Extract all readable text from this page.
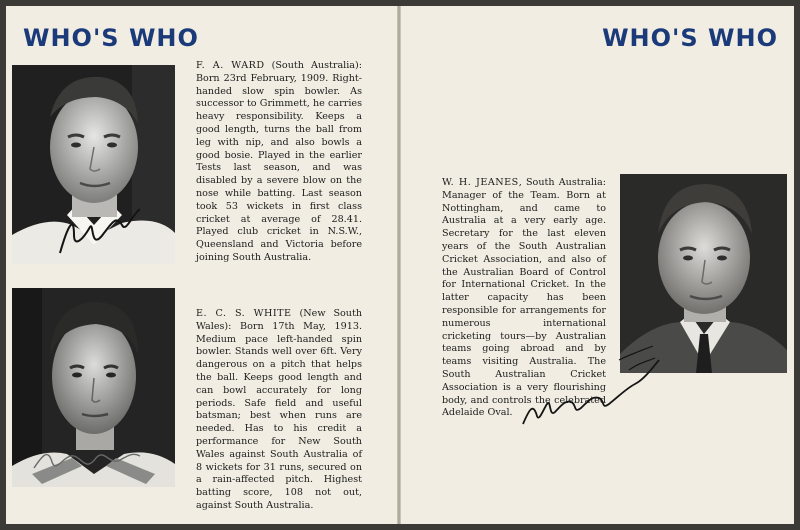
WHO'S WHO

F. A. WARD (South Australia): Born 23rd February, 1909. Right-handed slow spin bowler. As successor to Grimmett, he carries heavy responsibility. Keeps a good length, turns the ball from leg with nip, and also bowls a good bosie. Played in the earlier Tests last season, and was disabled by a severe blow on the nose while batting. Last season took 53 wickets in first class cricket at average of 28.41. Played club cricket in N.S.W., Queensland and Victoria before joining South Australia.

E. C. S. WHITE (New South Wales): Born 17th May, 1913. Medium pace left-handed spin bowler. Stands well over 6ft. Very dangerous on a pitch that helps the ball. Keeps good length and can bowl accurately for long periods. Safe field and useful batsman; best when runs are needed. Has to his credit a performance for New South Wales against South Australia of 8 wickets for 31 runs, secured on a rain-affected pitch. Highest batting score, 108 not out, against South Australia.

WHO'S WHO

W. H. JEANES, South Australia: Manager of the Team. Born at Nottingham, and came to Australia at a very early age. Secretary for the last eleven years of the South Australian Cricket Association, and also of the Australian Board of Control for International Cricket. In the latter capacity has been responsible for arrangements for numerous international cricketing tours—by Australian teams going abroad and by teams visiting Australia. The South Australian Cricket Association is a very flourishing body, and controls the celebrated Adelaide Oval.
